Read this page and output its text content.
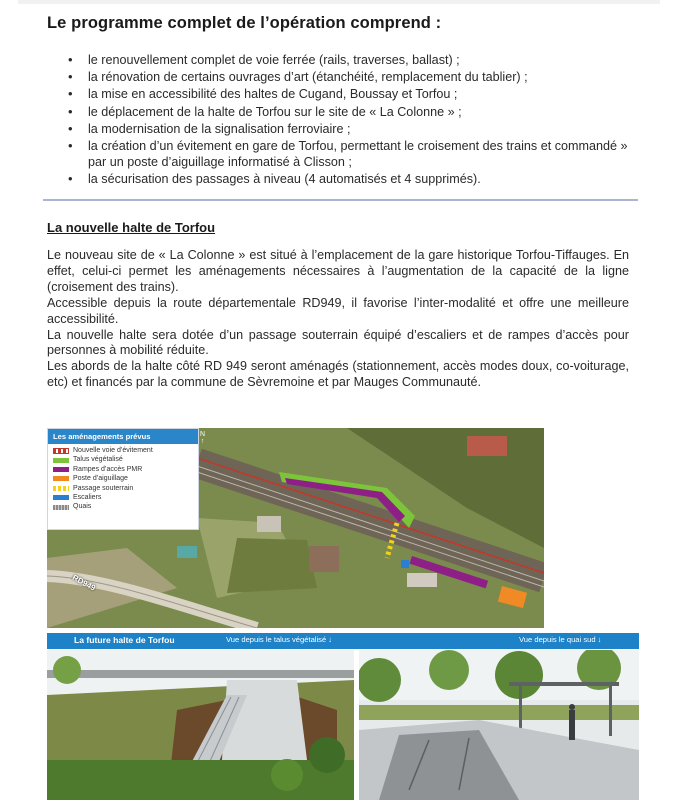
Le programme complet de l’opération comprend :
• le renouvellement complet de voie ferrée (rails, traverses, ballast) ;
• la rénovation de certains ouvrages d’art (étanchéité, remplacement du tablier) ;
• la mise en accessibilité des haltes de Cugand, Boussay et Torfou ;
• le déplacement de la halte de Torfou sur le site de « La Colonne » ;
• la modernisation de la signalisation ferroviaire ;
• la création d’un évitement en gare de Torfou, permettant le croisement des trains et commandé » par un poste d’aiguillage informatisé à Clisson ;
• la sécurisation des passages à niveau (4 automatisés et 4 supprimés).
La nouvelle halte de Torfou

Le nouveau site de « La Colonne » est situé à l’emplacement de la gare historique Torfou-Tiffauges. En effet, celui-ci permet les aménagements nécessaires à l’augmentation de la capacité de la ligne (croisement des trains).

Accessible depuis la route départementale RD949, il favorise l’inter-modalité et offre une meilleure accessibilité.

La nouvelle halte sera dotée d’un passage souterrain équipé d’escaliers et de rampes d’accès pour personnes à mobilité réduite.

Les abords de la halte côté RD 949 seront aménagés (stationnement, accès modes doux, co-voiturage, etc) et financés par la commune de Sèvremoine et par Mauges Communauté.

Les aménagements prévus
Nouvelle voie d’évitement
Talus végétalisé
Rampes d’accès PMR
Poste d’aiguillage
Passage souterrain
Escaliers
Quais
N
↑
RD949
La future halte de Torfou	Vue depuis le talus végétalisé ↓	Vue depuis le quai sud ↓
